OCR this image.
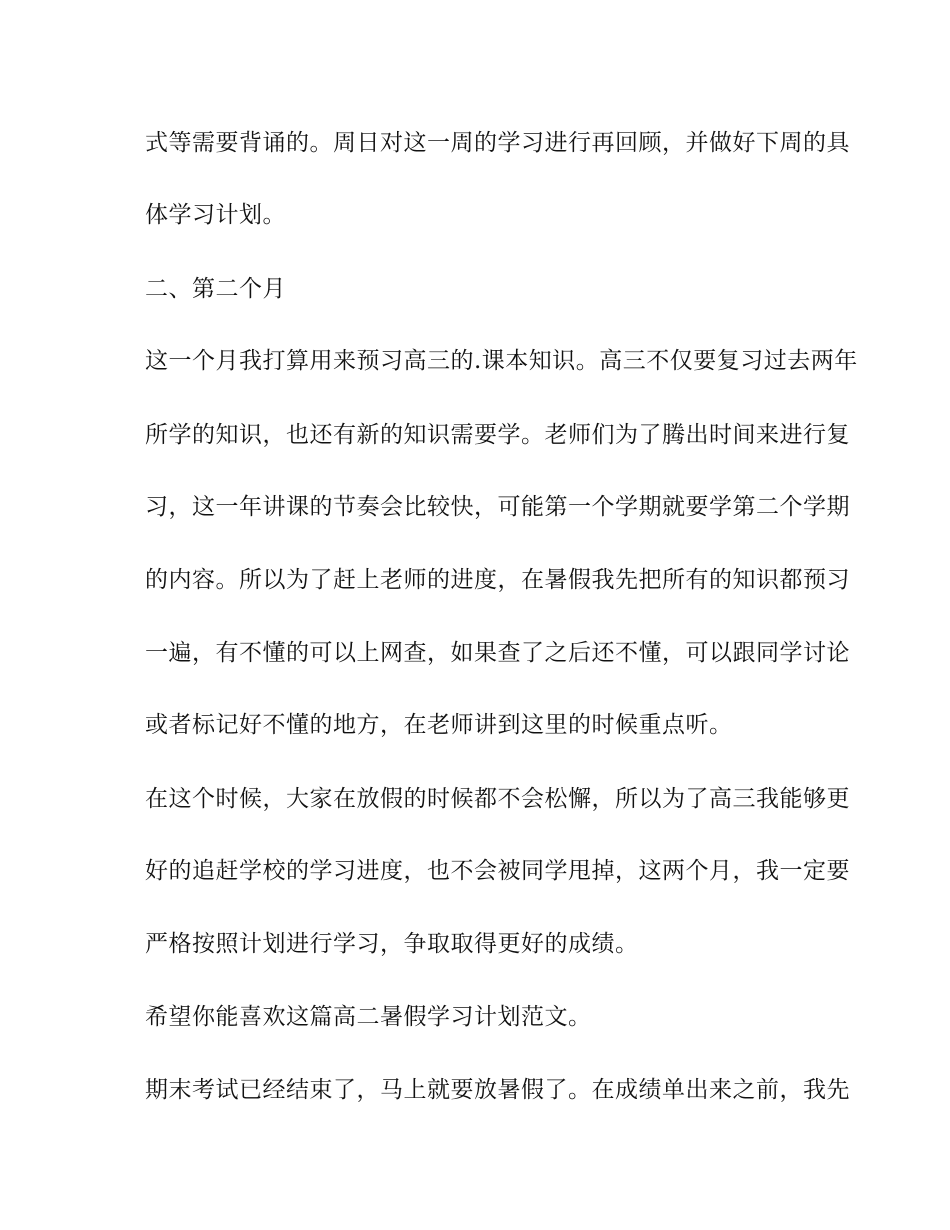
式等需要背诵的。周日对这一周的学习进行再回顾，并做好下周的具
体学习计划。
二、第二个月
这一个月我打算用来预习高三的.课本知识。高三不仅要复习过去两年
所学的知识，也还有新的知识需要学。老师们为了腾出时间来进行复
习，这一年讲课的节奏会比较快，可能第一个学期就要学第二个学期
的内容。所以为了赶上老师的进度，在暑假我先把所有的知识都预习
一遍，有不懂的可以上网查，如果查了之后还不懂，可以跟同学讨论
或者标记好不懂的地方，在老师讲到这里的时候重点听。
在这个时候，大家在放假的时候都不会松懈，所以为了高三我能够更
好的追赶学校的学习进度，也不会被同学甩掉，这两个月，我一定要
严格按照计划进行学习，争取取得更好的成绩。
希望你能喜欢这篇高二暑假学习计划范文。
期末考试已经结束了，马上就要放暑假了。在成绩单出来之前，我先
